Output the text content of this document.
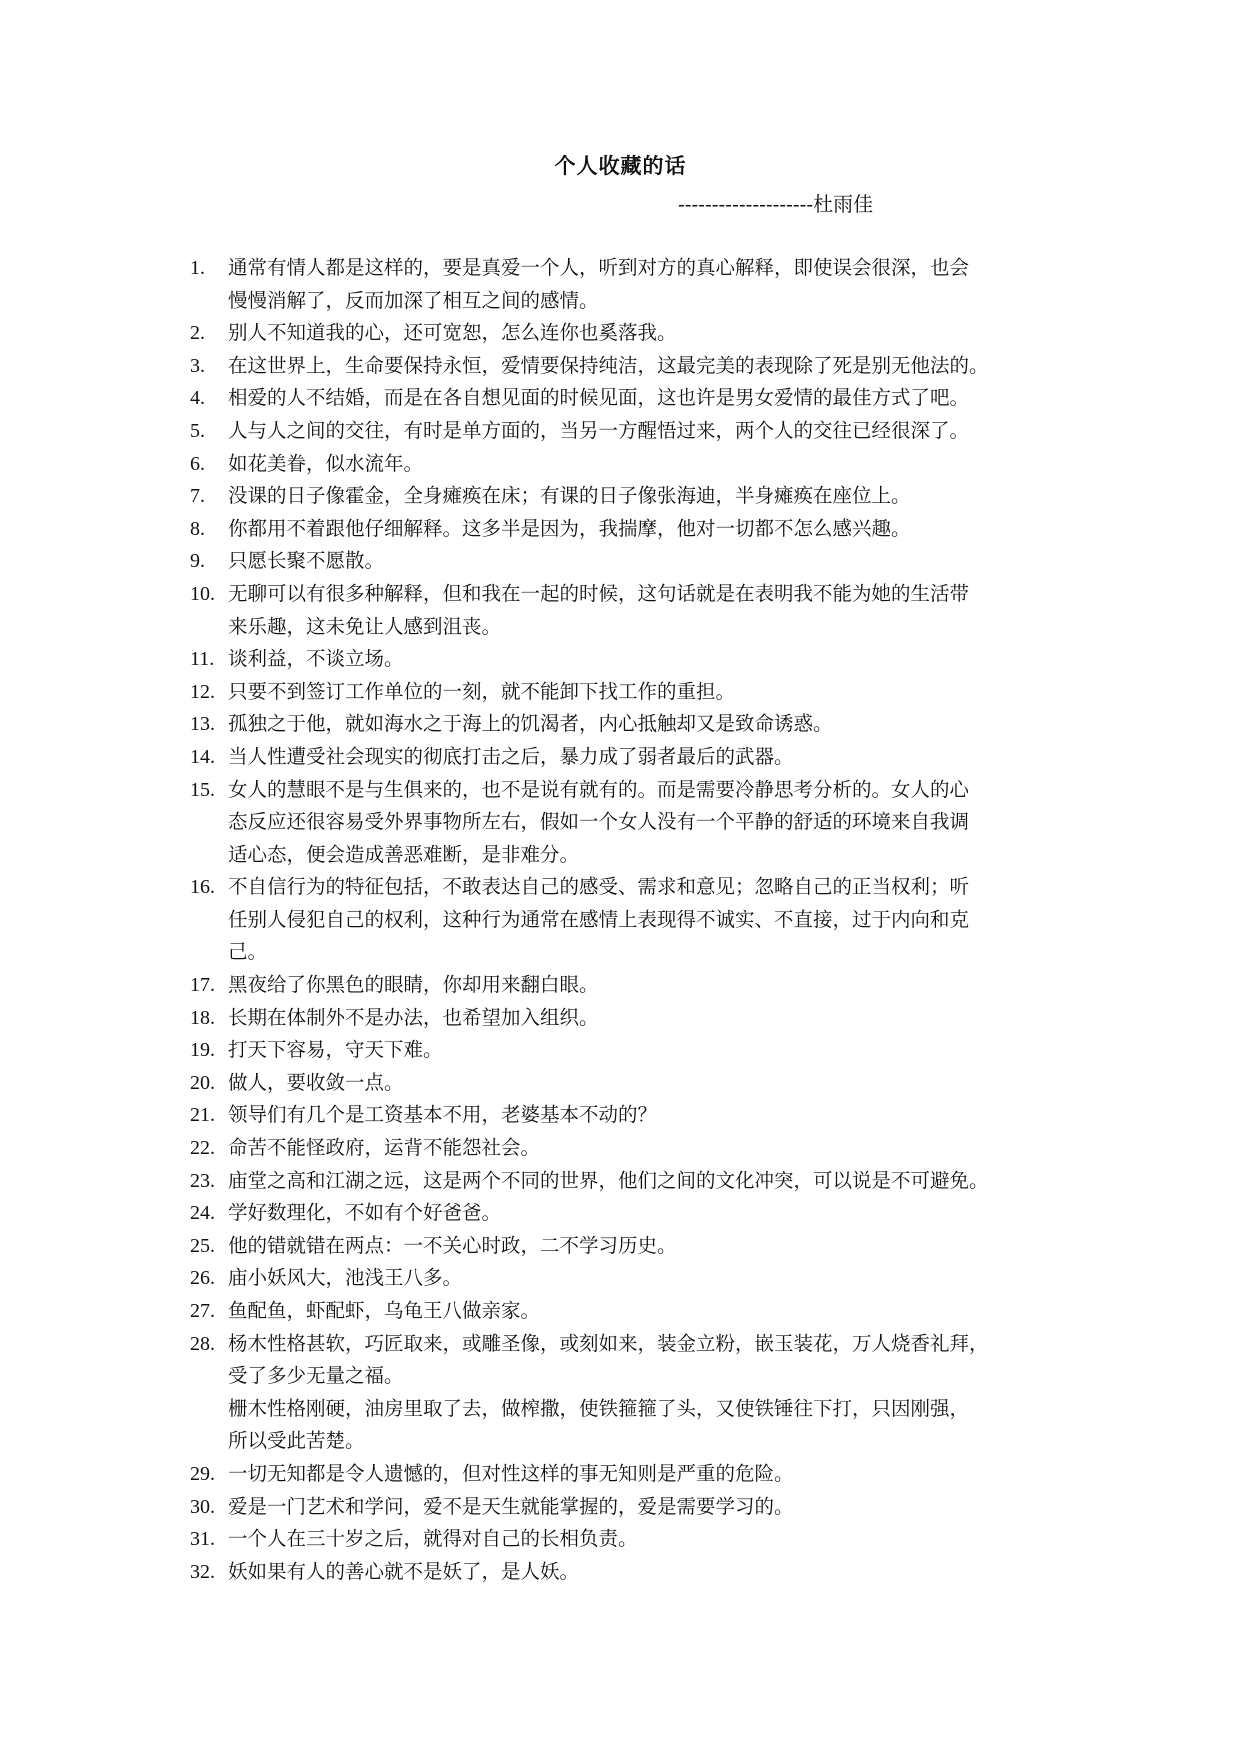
个人收藏的话
--------------------杜雨佳
1.	通常有情人都是这样的，要是真爱一个人，听到对方的真心解释，即使误会很深，也会
慢慢消解了，反而加深了相互之间的感情。
2.	别人不知道我的心，还可宽恕，怎么连你也奚落我。
3.	在这世界上，生命要保持永恒，爱情要保持纯洁，这最完美的表现除了死是别无他法的。
4.	相爱的人不结婚，而是在各自想见面的时候见面，这也许是男女爱情的最佳方式了吧。
5.	人与人之间的交往，有时是单方面的，当另一方醒悟过来，两个人的交往已经很深了。
6.	如花美眷，似水流年。
7.	没课的日子像霍金，全身瘫痪在床；有课的日子像张海迪，半身瘫痪在座位上。
8.	你都用不着跟他仔细解释。这多半是因为，我揣摩，他对一切都不怎么感兴趣。
9.	只愿长聚不愿散。
10. 无聊可以有很多种解释，但和我在一起的时候，这句话就是在表明我不能为她的生活带
来乐趣，这未免让人感到沮丧。
11. 谈利益，不谈立场。
12. 只要不到签订工作单位的一刻，就不能卸下找工作的重担。
13. 孤独之于他，就如海水之于海上的饥渴者，内心抵触却又是致命诱惑。
14. 当人性遭受社会现实的彻底打击之后，暴力成了弱者最后的武器。
15. 女人的慧眼不是与生俱来的，也不是说有就有的。而是需要冷静思考分析的。女人的心
态反应还很容易受外界事物所左右，假如一个女人没有一个平静的舒适的环境来自我调
适心态，便会造成善恶难断，是非难分。
16. 不自信行为的特征包括，不敢表达自己的感受、需求和意见；忽略自己的正当权利；听
任别人侵犯自己的权利，这种行为通常在感情上表现得不诚实、不直接，过于内向和克
己。
17. 黑夜给了你黑色的眼睛，你却用来翻白眼。
18. 长期在体制外不是办法，也希望加入组织。
19. 打天下容易，守天下难。
20. 做人，要收敛一点。
21. 领导们有几个是工资基本不用，老婆基本不动的？
22. 命苦不能怪政府，运背不能怨社会。
23. 庙堂之高和江湖之远，这是两个不同的世界，他们之间的文化冲突，可以说是不可避免。
24. 学好数理化，不如有个好爸爸。
25. 他的错就错在两点：一不关心时政，二不学习历史。
26. 庙小妖风大，池浅王八多。
27. 鱼配鱼，虾配虾，乌龟王八做亲家。
28. 杨木性格甚软，巧匠取来，或雕圣像，或刻如来，装金立粉，嵌玉装花，万人烧香礼拜，
受了多少无量之福。
栅木性格刚硬，油房里取了去，做榨撒，使铁箍箍了头，又使铁锤往下打，只因刚强，
所以受此苦楚。
29. 一切无知都是令人遗憾的，但对性这样的事无知则是严重的危险。
30. 爱是一门艺术和学问，爱不是天生就能掌握的，爱是需要学习的。
31. 一个人在三十岁之后，就得对自己的长相负责。
32. 妖如果有人的善心就不是妖了，是人妖。
